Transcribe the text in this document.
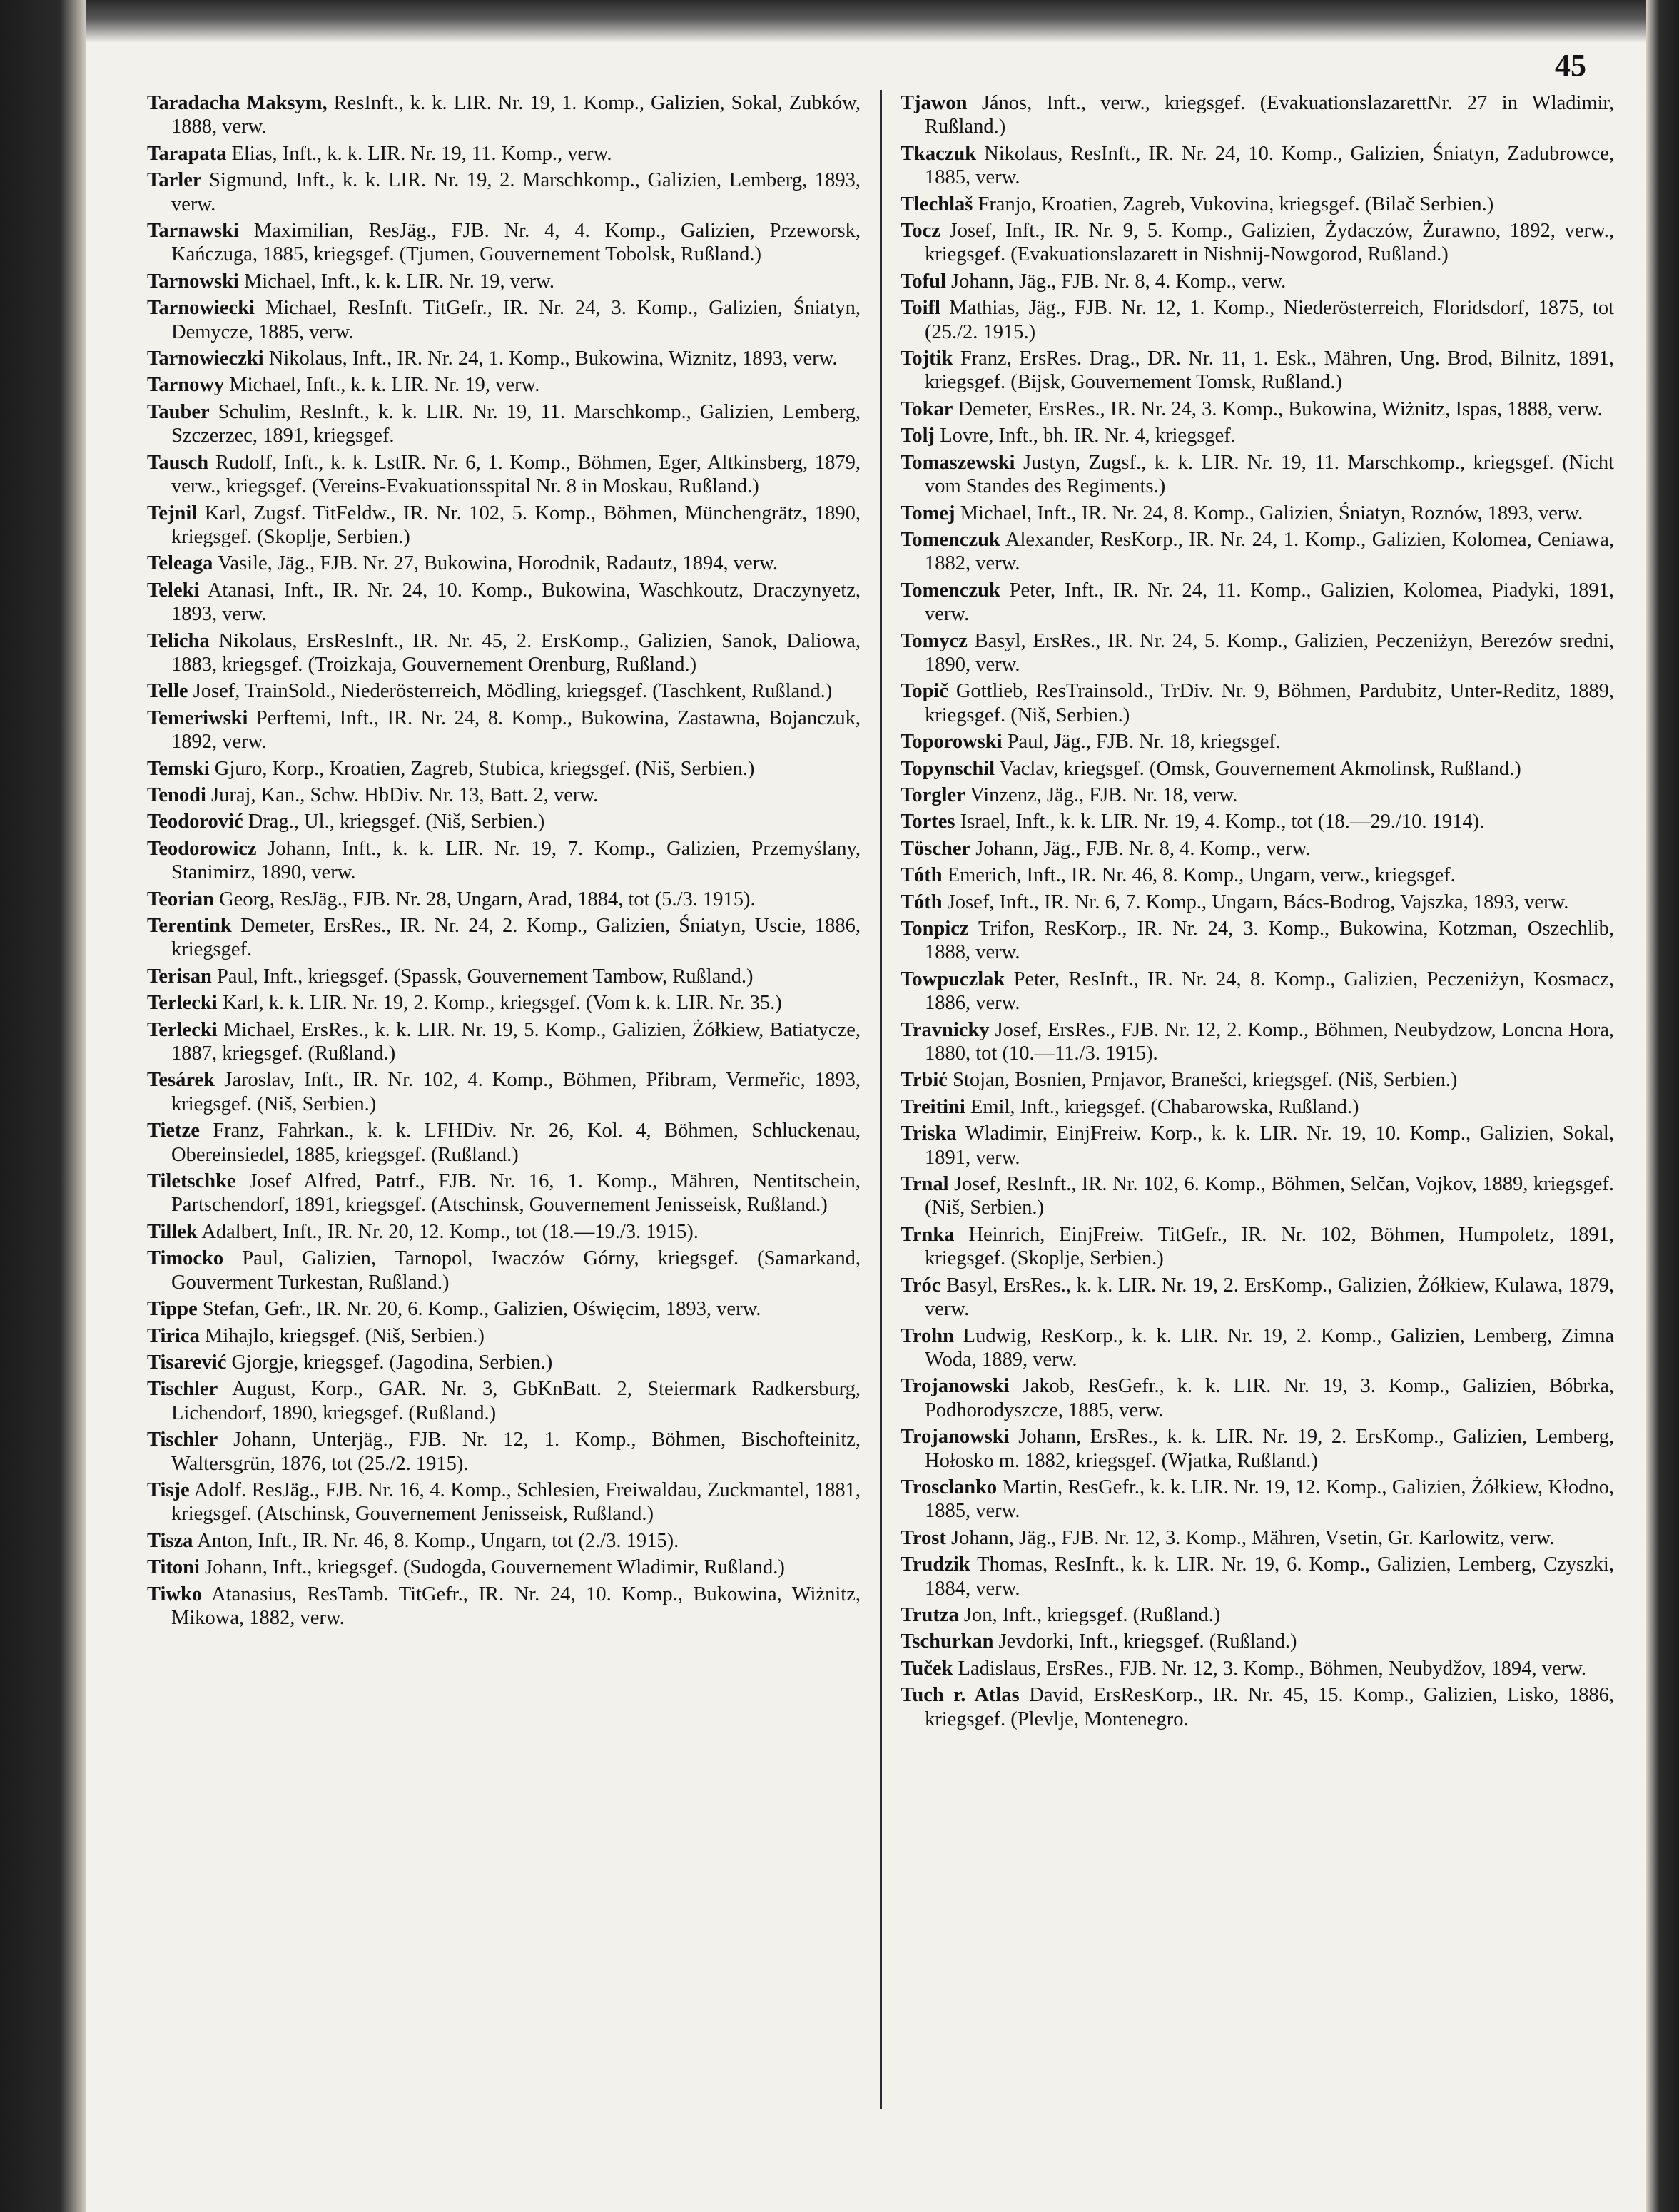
45

Taradacha Maksym, ResInft., k. k. LIR. Nr. 19, 1. Komp., Galizien, Sokal, Zubków, 1888, verw.

Tarapata Elias, Inft., k. k. LIR. Nr. 19, 11. Komp., verw.

Tarler Sigmund, Inft., k. k. LIR. Nr. 19, 2. Marschkomp., Galizien, Lemberg, 1893, verw.

Tarnawski Maximilian, ResJäg., FJB. Nr. 4, 4. Komp., Galizien, Przeworsk, Kańczuga, 1885, kriegsgef. (Tjumen, Gouvernement Tobolsk, Rußland.)

Tarnowski Michael, Inft., k. k. LIR. Nr. 19, verw.

Tarnowiecki Michael, ResInft. TitGefr., IR. Nr. 24, 3. Komp., Galizien, Śniatyn, Demycze, 1885, verw.

Tarnowieczki Nikolaus, Inft., IR. Nr. 24, 1. Komp., Bukowina, Wiznitz, 1893, verw.

Tarnowy Michael, Inft., k. k. LIR. Nr. 19, verw.

Tauber Schulim, ResInft., k. k. LIR. Nr. 19, 11. Marschkomp., Galizien, Lemberg, Szczerzec, 1891, kriegsgef.

Tausch Rudolf, Inft., k. k. LstIR. Nr. 6, 1. Komp., Böhmen, Eger, Altkinsberg, 1879, verw., kriegsgef. (Vereins-Evakuationsspital Nr. 8 in Moskau, Rußland.)

Tejnil Karl, Zugsf. TitFeldw., IR. Nr. 102, 5. Komp., Böhmen, Münchengrätz, 1890, kriegsgef. (Skoplje, Serbien.)

Teleaga Vasile, Jäg., FJB. Nr. 27, Bukowina, Horodnik, Radautz, 1894, verw.

Teleki Atanasi, Inft., IR. Nr. 24, 10. Komp., Bukowina, Waschkoutz, Draczynyetz, 1893, verw.

Telicha Nikolaus, ErsResInft., IR. Nr. 45, 2. ErsKomp., Galizien, Sanok, Daliowa, 1883, kriegsgef. (Troizkaja, Gouvernement Orenburg, Rußland.)

Telle Josef, TrainSold., Niederösterreich, Mödling, kriegsgef. (Taschkent, Rußland.)

Temeriwski Perftemi, Inft., IR. Nr. 24, 8. Komp., Bukowina, Zastawna, Bojanczuk, 1892, verw.

Temski Gjuro, Korp., Kroatien, Zagreb, Stubica, kriegsgef. (Niš, Serbien.)

Tenodi Juraj, Kan., Schw. HbDiv. Nr. 13, Batt. 2, verw.

Teodorović Drag., Ul., kriegsgef. (Niš, Serbien.)

Teodorowicz Johann, Inft., k. k. LIR. Nr. 19, 7. Komp., Galizien, Przemyślany, Stanimirz, 1890, verw.

Teorian Georg, ResJäg., FJB. Nr. 28, Ungarn, Arad, 1884, tot (5./3. 1915).

Terentink Demeter, ErsRes., IR. Nr. 24, 2. Komp., Galizien, Śniatyn, Uscie, 1886, kriegsgef.

Terisan Paul, Inft., kriegsgef. (Spassk, Gouvernement Tambow, Rußland.)

Terlecki Karl, k. k. LIR. Nr. 19, 2. Komp., kriegsgef. (Vom k. k. LIR. Nr. 35.)

Terlecki Michael, ErsRes., k. k. LIR. Nr. 19, 5. Komp., Galizien, Żółkiew, Batiatycze, 1887, kriegsgef. (Rußland.)

Tesárek Jaroslav, Inft., IR. Nr. 102, 4. Komp., Böhmen, Přibram, Vermeřic, 1893, kriegsgef. (Niš, Serbien.)

Tietze Franz, Fahrkan., k. k. LFHDiv. Nr. 26, Kol. 4, Böhmen, Schluckenau, Obereinsiedel, 1885, kriegsgef. (Rußland.)

Tiletschke Josef Alfred, Patrf., FJB. Nr. 16, 1. Komp., Mähren, Nentitschein, Partschendorf, 1891, kriegsgef. (Atschinsk, Gouvernement Jenisseisk, Rußland.)

Tillek Adalbert, Inft., IR. Nr. 20, 12. Komp., tot (18.—19./3. 1915).

Timocko Paul, Galizien, Tarnopol, Iwaczów Górny, kriegsgef. (Samarkand, Gouverment Turkestan, Rußland.)

Tippe Stefan, Gefr., IR. Nr. 20, 6. Komp., Galizien, Oświęcim, 1893, verw.

Tirica Mihajlo, kriegsgef. (Niš, Serbien.)

Tisarević Gjorgje, kriegsgef. (Jagodina, Serbien.)

Tischler August, Korp., GAR. Nr. 3, GbKnBatt. 2, Steiermark Radkersburg, Lichendorf, 1890, kriegsgef. (Rußland.)

Tischler Johann, Unterjäg., FJB. Nr. 12, 1. Komp., Böhmen, Bischofteinitz, Waltersgrün, 1876, tot (25./2. 1915).

Tisje Adolf. ResJäg., FJB. Nr. 16, 4. Komp., Schlesien, Freiwaldau, Zuckmantel, 1881, kriegsgef. (Atschinsk, Gouvernement Jenisseisk, Rußland.)

Tisza Anton, Inft., IR. Nr. 46, 8. Komp., Ungarn, tot (2./3. 1915).

Titoni Johann, Inft., kriegsgef. (Sudogda, Gouvernement Wladimir, Rußland.)

Tiwko Atanasius, ResTamb. TitGefr., IR. Nr. 24, 10. Komp., Bukowina, Wiżnitz, Mikowa, 1882, verw.

Tjawon János, Inft., verw., kriegsgef. (EvakuationslazarettNr. 27 in Wladimir, Rußland.)

Tkaczuk Nikolaus, ResInft., IR. Nr. 24, 10. Komp., Galizien, Śniatyn, Zadubrowce, 1885, verw.

Tlechlaš Franjo, Kroatien, Zagreb, Vukovina, kriegsgef. (Bilač Serbien.)

Tocz Josef, Inft., IR. Nr. 9, 5. Komp., Galizien, Żydaczów, Żurawno, 1892, verw., kriegsgef. (Evakuationslazarett in Nishnij-Nowgorod, Rußland.)

Toful Johann, Jäg., FJB. Nr. 8, 4. Komp., verw.

Toifl Mathias, Jäg., FJB. Nr. 12, 1. Komp., Niederösterreich, Floridsdorf, 1875, tot (25./2. 1915.)

Tojtik Franz, ErsRes. Drag., DR. Nr. 11, 1. Esk., Mähren, Ung. Brod, Bilnitz, 1891, kriegsgef. (Bijsk, Gouvernement Tomsk, Rußland.)

Tokar Demeter, ErsRes., IR. Nr. 24, 3. Komp., Bukowina, Wiżnitz, Ispas, 1888, verw.

Tolj Lovre, Inft., bh. IR. Nr. 4, kriegsgef.

Tomaszewski Justyn, Zugsf., k. k. LIR. Nr. 19, 11. Marschkomp., kriegsgef. (Nicht vom Standes des Regiments.)

Tomej Michael, Inft., IR. Nr. 24, 8. Komp., Galizien, Śniatyn, Roznów, 1893, verw.

Tomenczuk Alexander, ResKorp., IR. Nr. 24, 1. Komp., Galizien, Kolomea, Ceniawa, 1882, verw.

Tomenczuk Peter, Inft., IR. Nr. 24, 11. Komp., Galizien, Kolomea, Piadyki, 1891, verw.

Tomycz Basyl, ErsRes., IR. Nr. 24, 5. Komp., Galizien, Peczeniżyn, Berezów sredni, 1890, verw.

Topič Gottlieb, ResTrainsold., TrDiv. Nr. 9, Böhmen, Pardubitz, Unter-Reditz, 1889, kriegsgef. (Niš, Serbien.)

Toporowski Paul, Jäg., FJB. Nr. 18, kriegsgef.

Topynschil Vaclav, kriegsgef. (Omsk, Gouvernement Akmolinsk, Rußland.)

Torgler Vinzenz, Jäg., FJB. Nr. 18, verw.

Tortes Israel, Inft., k. k. LIR. Nr. 19, 4. Komp., tot (18.—29./10. 1914).

Töscher Johann, Jäg., FJB. Nr. 8, 4. Komp., verw.

Tóth Emerich, Inft., IR. Nr. 46, 8. Komp., Ungarn, verw., kriegsgef.

Tóth Josef, Inft., IR. Nr. 6, 7. Komp., Ungarn, Bács-Bodrog, Vajszka, 1893, verw.

Tonpicz Trifon, ResKorp., IR. Nr. 24, 3. Komp., Bukowina, Kotzman, Oszechlib, 1888, verw.

Towpuczlak Peter, ResInft., IR. Nr. 24, 8. Komp., Galizien, Peczeniżyn, Kosmacz, 1886, verw.

Travnicky Josef, ErsRes., FJB. Nr. 12, 2. Komp., Böhmen, Neubydzow, Loncna Hora, 1880, tot (10.—11./3. 1915).

Trbić Stojan, Bosnien, Prnjavor, Branešci, kriegsgef. (Niš, Serbien.)

Treitini Emil, Inft., kriegsgef. (Chabarowska, Rußland.)

Triska Wladimir, EinjFreiw. Korp., k. k. LIR. Nr. 19, 10. Komp., Galizien, Sokal, 1891, verw.

Trnal Josef, ResInft., IR. Nr. 102, 6. Komp., Böhmen, Selčan, Vojkov, 1889, kriegsgef. (Niš, Serbien.)

Trnka Heinrich, EinjFreiw. TitGefr., IR. Nr. 102, Böhmen, Humpoletz, 1891, kriegsgef. (Skoplje, Serbien.)

Tróc Basyl, ErsRes., k. k. LIR. Nr. 19, 2. ErsKomp., Galizien, Żółkiew, Kulawa, 1879, verw.

Trohn Ludwig, ResKorp., k. k. LIR. Nr. 19, 2. Komp., Galizien, Lemberg, Zimna Woda, 1889, verw.

Trojanowski Jakob, ResGefr., k. k. LIR. Nr. 19, 3. Komp., Galizien, Bóbrka, Podhorodyszcze, 1885, verw.

Trojanowski Johann, ErsRes., k. k. LIR. Nr. 19, 2. ErsKomp., Galizien, Lemberg, Hołosko m. 1882, kriegsgef. (Wjatka, Rußland.)

Trosclanko Martin, ResGefr., k. k. LIR. Nr. 19, 12. Komp., Galizien, Żółkiew, Kłodno, 1885, verw.

Trost Johann, Jäg., FJB. Nr. 12, 3. Komp., Mähren, Vsetin, Gr. Karlowitz, verw.

Trudzik Thomas, ResInft., k. k. LIR. Nr. 19, 6. Komp., Galizien, Lemberg, Czyszki, 1884, verw.

Trutza Jon, Inft., kriegsgef. (Rußland.)

Tschurkan Jevdorki, Inft., kriegsgef. (Rußland.)

Tuček Ladislaus, ErsRes., FJB. Nr. 12, 3. Komp., Böhmen, Neubydžov, 1894, verw.

Tuch r. Atlas David, ErsResKorp., IR. Nr. 45, 15. Komp., Galizien, Lisko, 1886, kriegsgef. (Plevlje, Montenegro.
